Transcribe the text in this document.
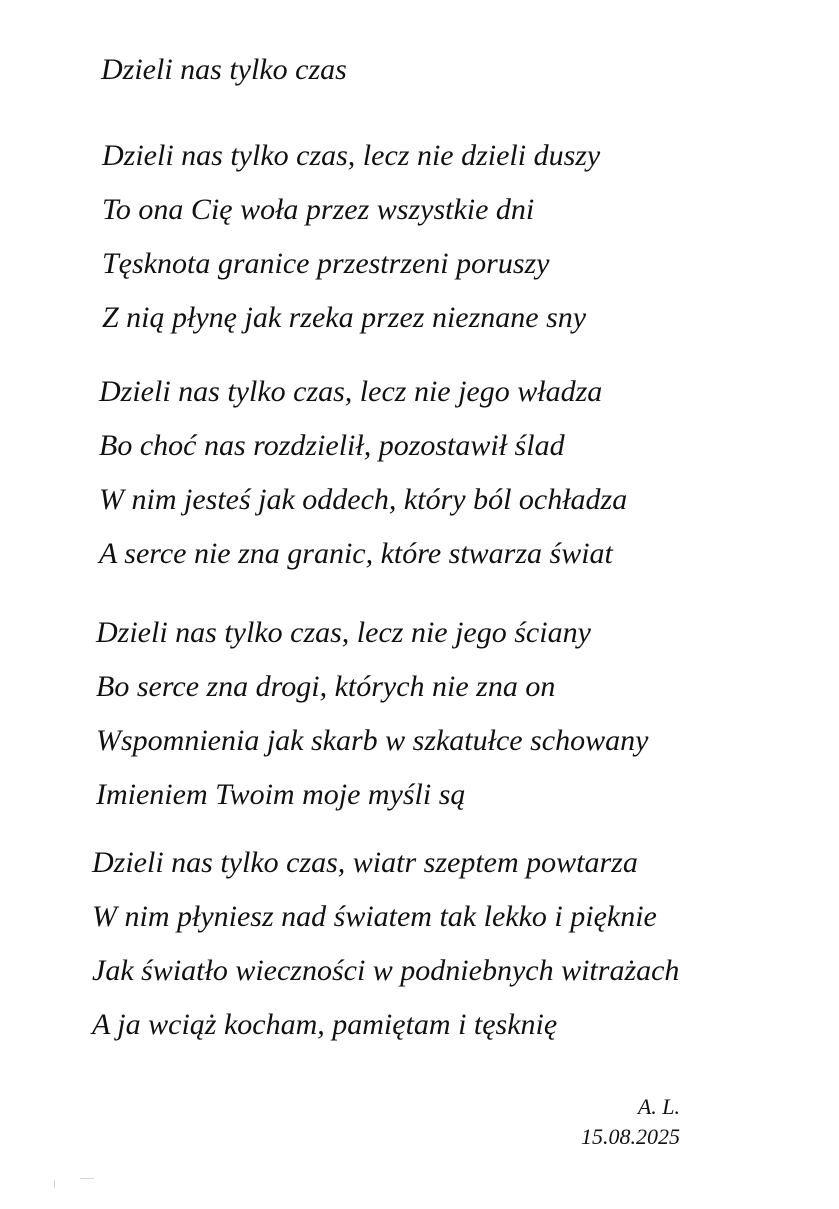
Dzieli nas tylko czas
Dzieli nas tylko czas, lecz nie dzieli duszy
To ona Cię woła przez wszystkie dni
Tęsknota granice przestrzeni poruszy
Z nią płynę jak rzeka przez nieznane sny
Dzieli nas tylko czas, lecz nie jego władza
Bo choć nas rozdzielił, pozostawił ślad
W nim jesteś jak oddech, który ból ochładza
A serce nie zna granic, które stwarza świat
Dzieli nas tylko czas, lecz nie jego ściany
Bo serce zna drogi, których nie zna on
Wspomnienia jak skarb w szkatułce schowany
Imieniem Twoim moje myśli są
Dzieli nas tylko czas, wiatr szeptem powtarza
W nim płyniesz nad światem tak lekko i pięknie
Jak światło wieczności w podniebnych witrażach
A ja wciąż kocham, pamiętam i tęsknię
A. L.
15.08.2025
